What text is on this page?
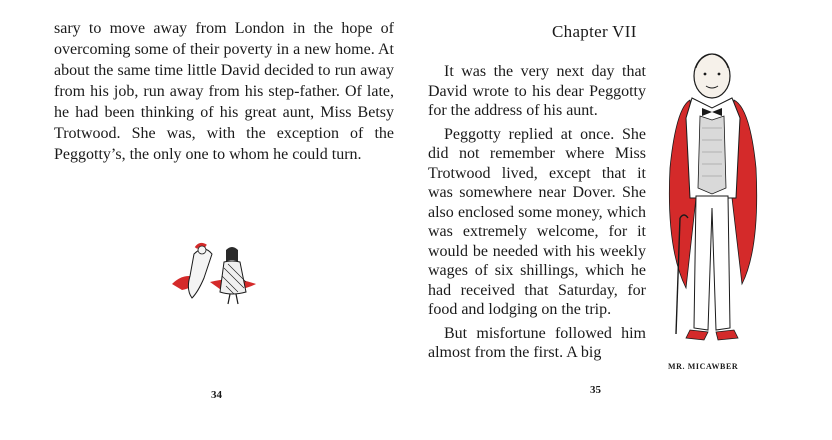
sary to move away from London in the hope of overcoming some of their poverty in a new home. At about the same time little David decided to run away from his job, run away from his step-father. Of late, he had been thinking of his great aunt, Miss Betsy Trotwood. She was, with the exception of the Peggotty’s, the only one to whom he could turn.

34
Chapter VII

It was the very next day that David wrote to his dear Peggotty for the address of his aunt.

Peggotty replied at once. She did not remember where Miss Trotwood lived, except that it was somewhere near Dover. She also enclosed some money, which was extremely welcome, for it would be needed with his weekly wages of six shillings, which he had received that Saturday, for food and lodging on the trip.

But misfortune followed him almost from the first. A big

MR. MICAWBER
35
